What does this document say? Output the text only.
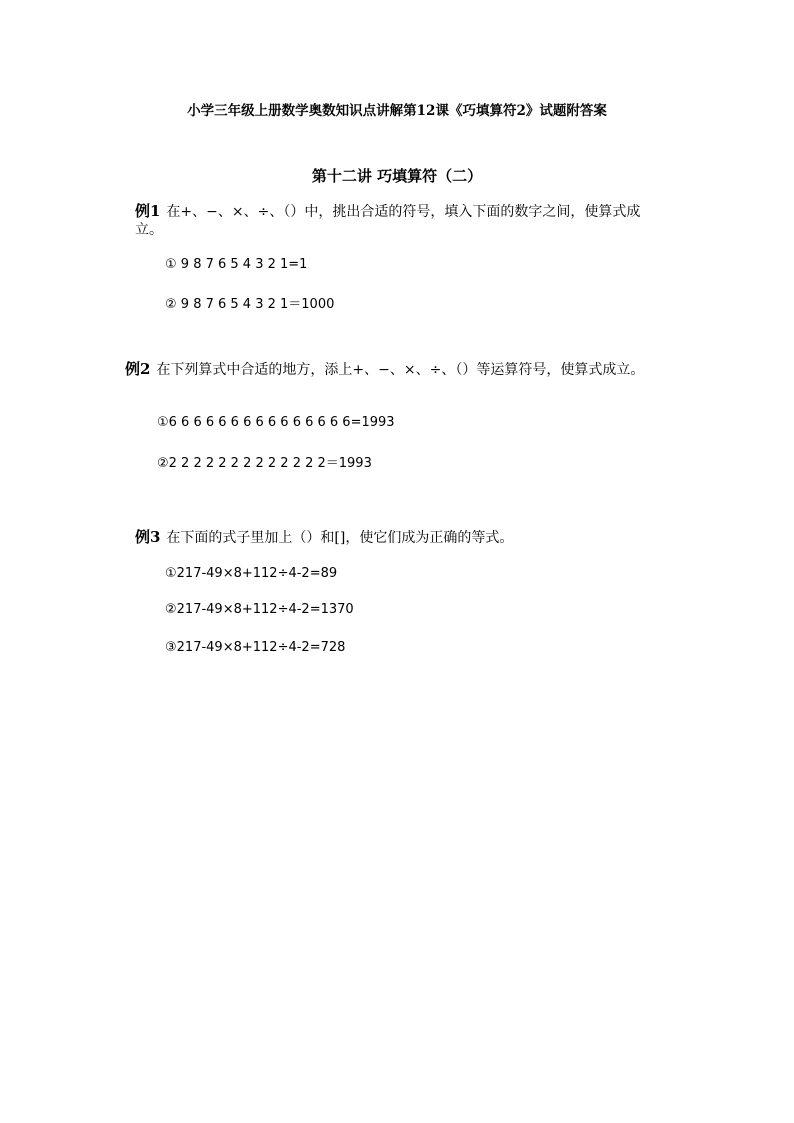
小学三年级上册数学奥数知识点讲解第12课《巧填算符2》试题附答案
第十二讲 巧填算符（二）
例1 在+、−、×、÷、（）中，挑出合适的符号，填入下面的数字之间，使算式成立。
① 9 8 7 6 5 4 3 2 1=1
② 9 8 7 6 5 4 3 2 1＝1000
例2 在下列算式中合适的地方，添上+、−、×、÷、（）等运算符号，使算式成立。
①6 6 6 6 6 6 6 6 6 6 6 6 6 6 6=1993
②2 2 2 2 2 2 2 2 2 2 2 2 2＝1993
例3 在下面的式子里加上（）和[]，使它们成为正确的等式。
①217-49×8+112÷4-2=89
②217-49×8+112÷4-2=1370
③217-49×8+112÷4-2=728
